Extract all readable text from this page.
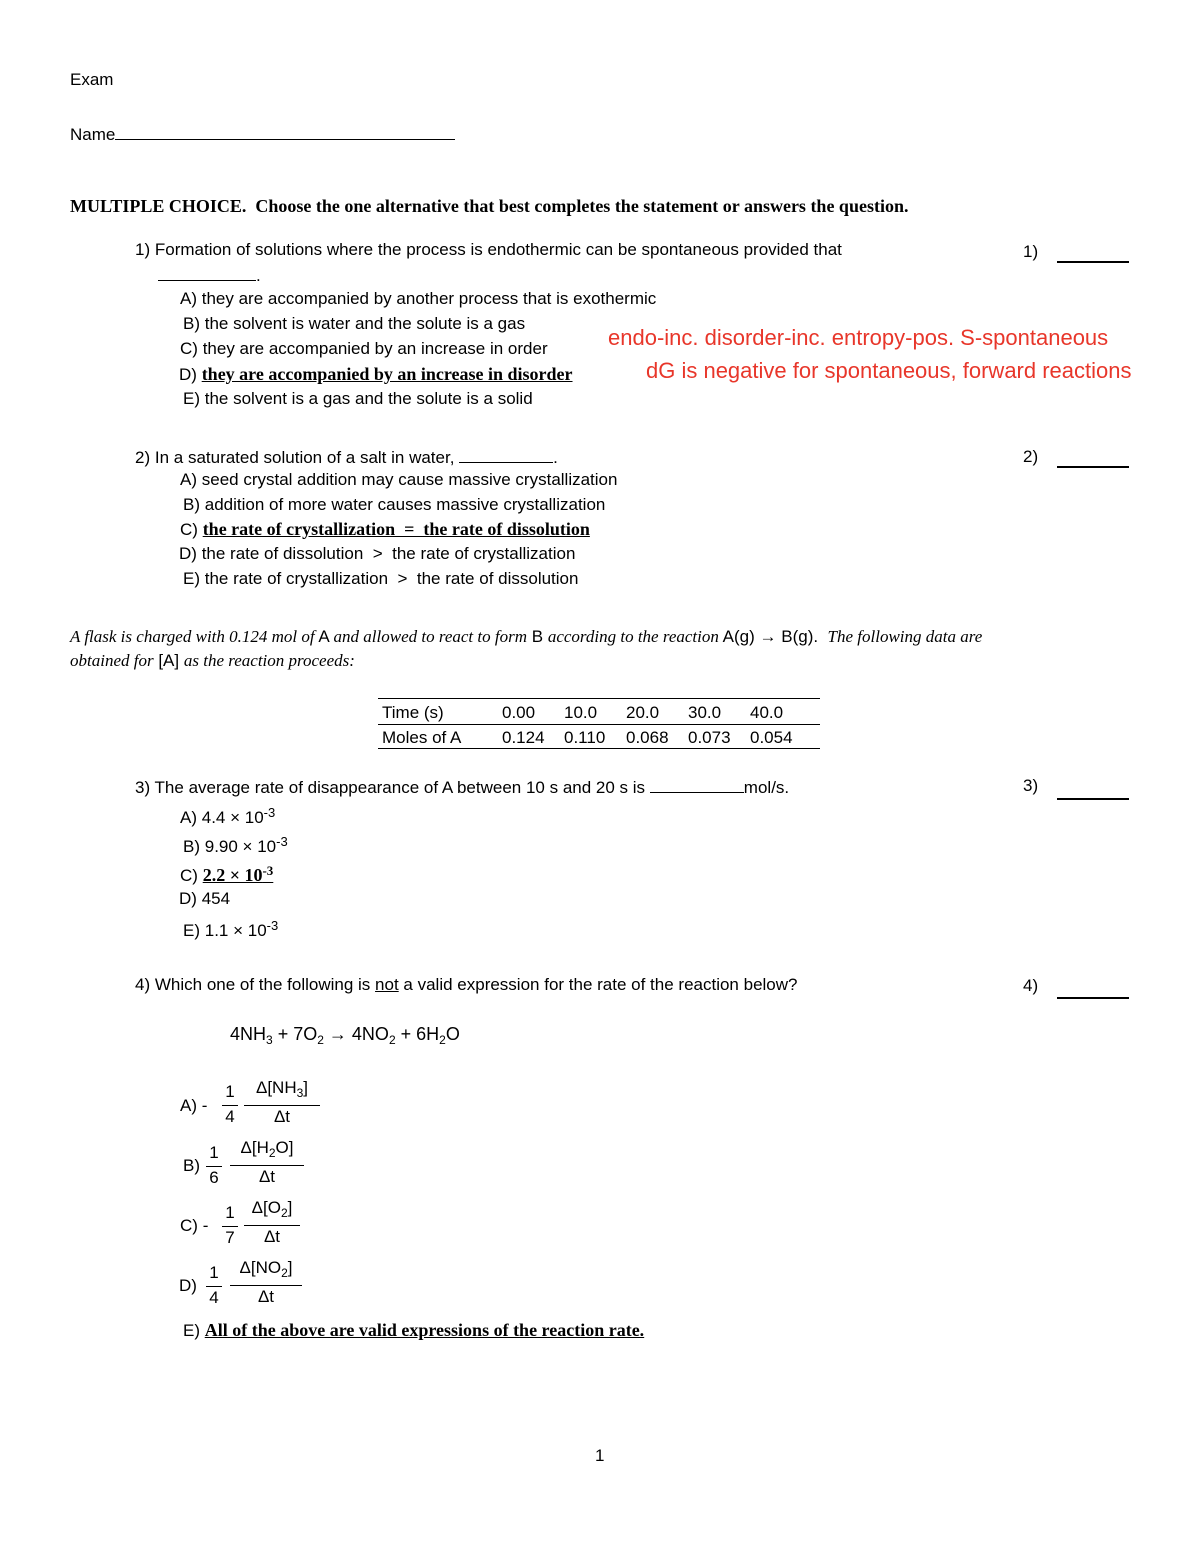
Exam
Name
MULTIPLE CHOICE. Choose the one alternative that best completes the statement or answers the question.
1) Formation of solutions where the process is endothermic can be spontaneous provided that
.
1)
A) they are accompanied by another process that is exothermic
B) the solvent is water and the solute is a gas
C) they are accompanied by an increase in order
D) they are accompanied by an increase in disorder
E) the solvent is a gas and the solute is a solid
endo-inc. disorder-inc. entropy-pos. S-spontaneous
dG is negative for spontaneous, forward reactions
2) In a saturated solution of a salt in water,	.	2)
A) seed crystal addition may cause massive crystallization
B) addition of more water causes massive crystallization
C) the rate of crystallization  =  the rate of dissolution
D) the rate of dissolution  >  the rate of crystallization
E) the rate of crystallization  >  the rate of dissolution
A flask is charged with 0.124 mol of A and allowed to react to form B according to the reaction A(g) → B(g). The following data are
obtained for [A] as the reaction proceeds:
Time (s)	0.00	10.0	20.0	30.0	40.0
Moles of A	0.124	0.110	0.068	0.073	0.054
3) The average rate of disappearance of A between 10 s and 20 s is	mol/s.	3)
A) $4.4 \times 10^{-3}$
B) $9.90 \times 10^{-3}$
C) $2.2 \times 10^{-3}$
D) 454
E) $1.1 \times 10^{-3}$
4) Which one of the following is not a valid expression for the rate of the reaction below?	4)
$4NH_3 + 7O_2 \to 4NO_2 + 6H_2O$
A) -
1
4
$\Delta[NH_3]$
Δt
B)
1
6
$\Delta[H_2O]$
Δt
C) -
1
7
$\Delta[O_2]$
Δt
D)
1
4
$\Delta[NO_2]$
Δt
E) All of the above are valid expressions of the reaction rate.
1
